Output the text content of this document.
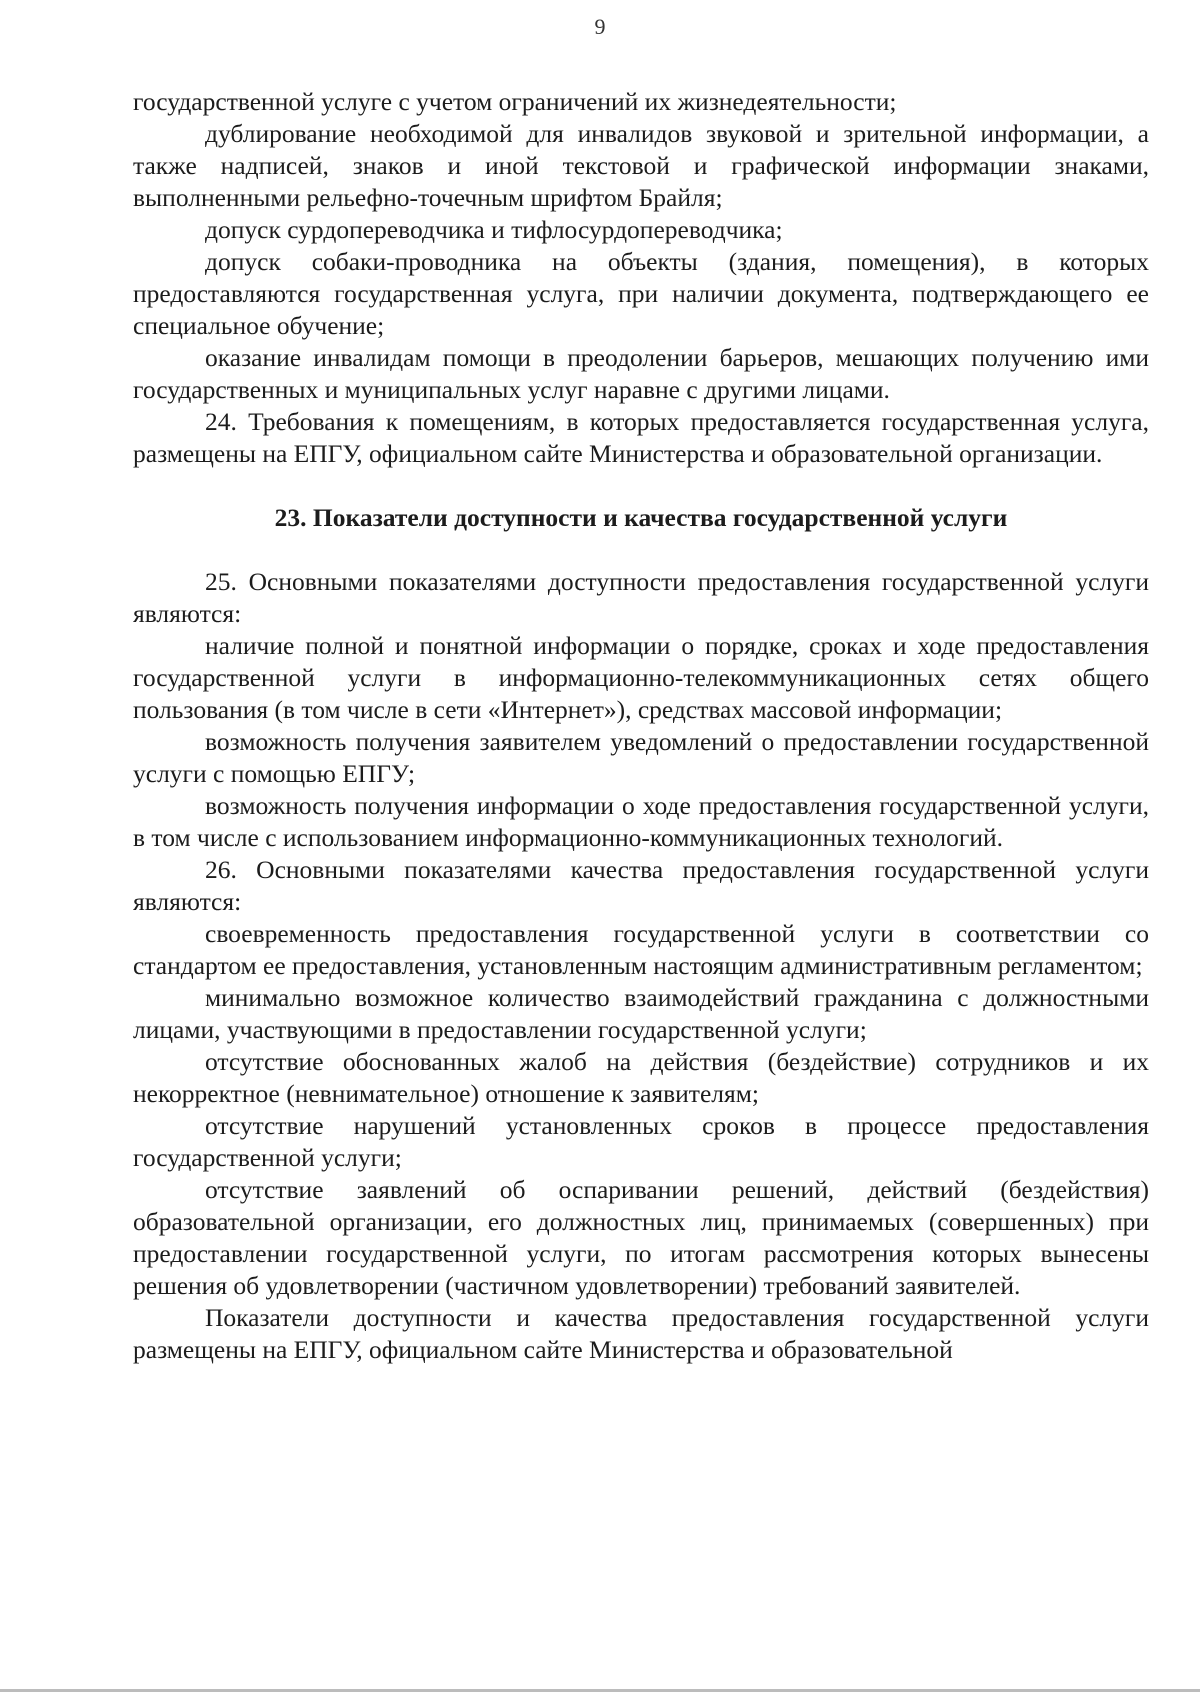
9

государственной услуге с учетом ограничений их жизнедеятельности;

дублирование необходимой для инвалидов звуковой и зрительной информации, а также надписей, знаков и иной текстовой и графической информации знаками, выполненными рельефно-точечным шрифтом Брайля;

допуск сурдопереводчика и тифлосурдопереводчика;

допуск собаки-проводника на объекты (здания, помещения), в которых предоставляются государственная услуга, при наличии документа, подтверждающего ее специальное обучение;

оказание инвалидам помощи в преодолении барьеров, мешающих получению ими государственных и муниципальных услуг наравне с другими лицами.

24. Требования к помещениям, в которых предоставляется государственная услуга, размещены на ЕПГУ, официальном сайте Министерства и образовательной организации.

23. Показатели доступности и качества государственной услуги

25. Основными показателями доступности предоставления государственной услуги являются:

наличие полной и понятной информации о порядке, сроках и ходе предоставления государственной услуги в информационно-телекоммуникационных сетях общего пользования (в том числе в сети «Интернет»), средствах массовой информации;

возможность получения заявителем уведомлений о предоставлении государственной услуги с помощью ЕПГУ;

возможность получения информации о ходе предоставления государственной услуги, в том числе с использованием информационно-коммуникационных технологий.

26. Основными показателями качества предоставления государственной услуги являются:

своевременность предоставления государственной услуги в соответствии со стандартом ее предоставления, установленным настоящим административным регламентом;

минимально возможное количество взаимодействий гражданина с должностными лицами, участвующими в предоставлении государственной услуги;

отсутствие обоснованных жалоб на действия (бездействие) сотрудников и их некорректное (невнимательное) отношение к заявителям;

отсутствие нарушений установленных сроков в процессе предоставления государственной услуги;

отсутствие заявлений об оспаривании решений, действий (бездействия) образовательной организации, его должностных лиц, принимаемых (совершенных) при предоставлении государственной услуги, по итогам рассмотрения которых вынесены решения об удовлетворении (частичном удовлетворении) требований заявителей.

Показатели доступности и качества предоставления государственной услуги размещены на ЕПГУ, официальном сайте Министерства и образовательной
